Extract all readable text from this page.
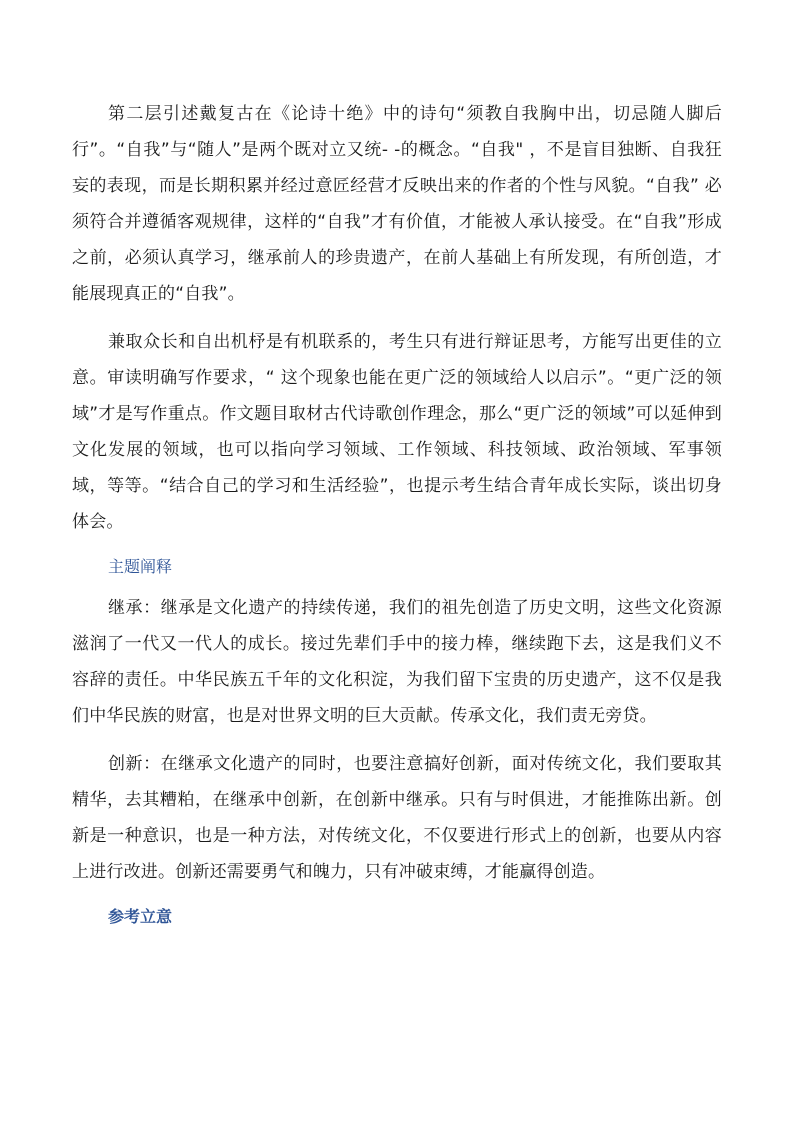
第二层引述戴复古在《论诗十绝》中的诗句“须教自我胸中出，切忌随人脚后行”。“自我”与“随人”是两个既对立又统- -的概念。“自我" ，不是盲目独断、自我狂妄的表现，而是长期积累并经过意匠经营才反映出来的作者的个性与风貌。“自我” 必须符合并遵循客观规律，这样的“自我”才有价值，才能被人承认接受。在“自我”形成之前，必须认真学习，继承前人的珍贵遗产，在前人基础上有所发现，有所创造，才能展现真正的“自我”。

兼取众长和自出机杼是有机联系的，考生只有进行辩证思考，方能写出更佳的立意。审读明确写作要求，“ 这个现象也能在更广泛的领域给人以启示”。“更广泛的领域”才是写作重点。作文题目取材古代诗歌创作理念，那么“更广泛的领域”可以延伸到文化发展的领域，也可以指向学习领域、工作领域、科技领域、政治领域、军事领域，等等。“结合自己的学习和生活经验”，也提示考生结合青年成长实际，谈出切身体会。

主题阐释

继承：继承是文化遗产的持续传递，我们的祖先创造了历史文明，这些文化资源滋润了一代又一代人的成长。接过先辈们手中的接力棒，继续跑下去，这是我们义不容辞的责任。中华民族五千年的文化积淀，为我们留下宝贵的历史遗产，这不仅是我们中华民族的财富，也是对世界文明的巨大贡献。传承文化，我们责无旁贷。

创新：在继承文化遗产的同时，也要注意搞好创新，面对传统文化，我们要取其精华，去其糟粕，在继承中创新，在创新中继承。只有与时俱进，才能推陈出新。创新是一种意识，也是一种方法，对传统文化，不仅要进行形式上的创新，也要从内容上进行改进。创新还需要勇气和魄力，只有冲破束缚，才能赢得创造。

参考立意
